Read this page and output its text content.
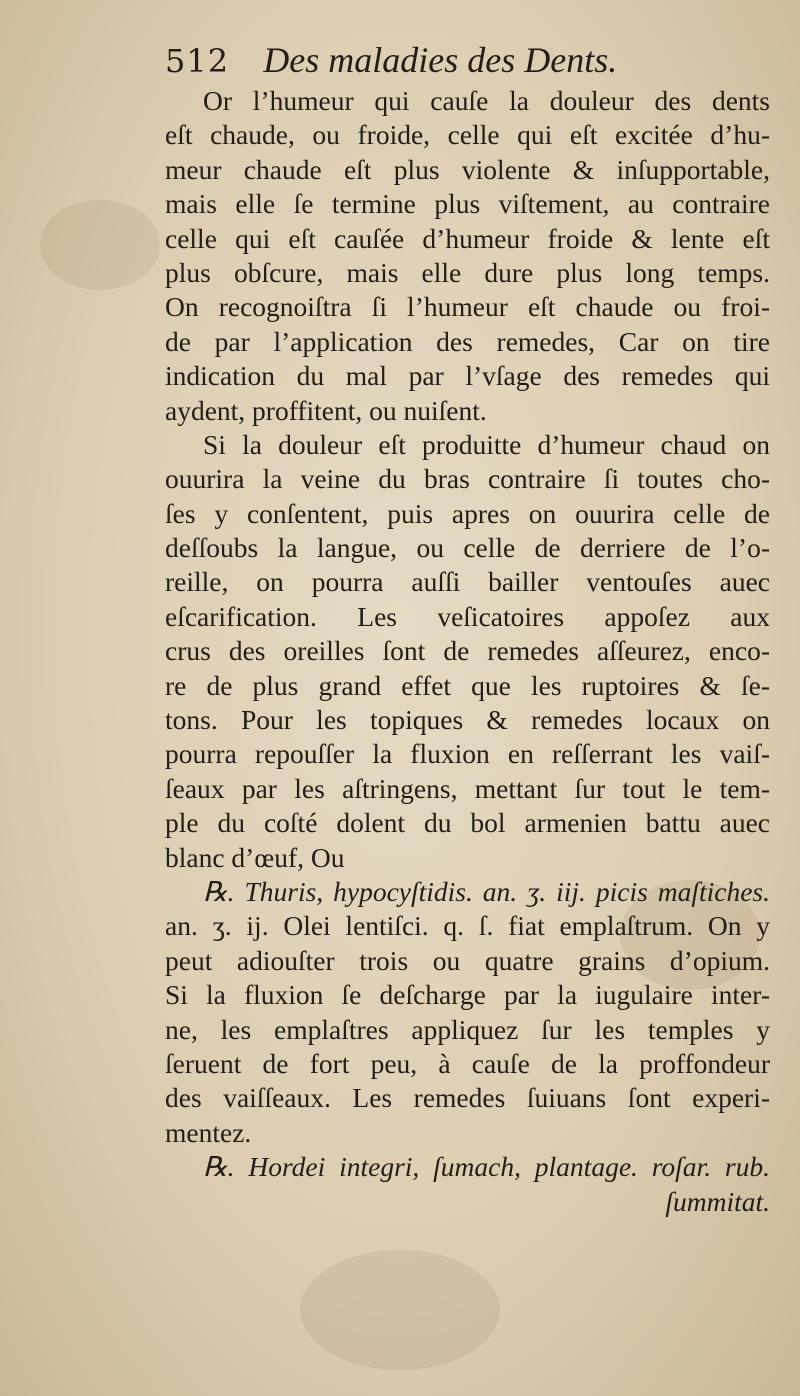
512 Des maladies des Dents.
Or l’humeur qui cauſe la douleur des dents
eſt chaude, ou froide, celle qui eſt excitée d’hu-
meur chaude eſt plus violente & inſupportable,
mais elle ſe termine plus viſtement, au contraire
celle qui eſt cauſée d’humeur froide & lente eſt
plus obſcure, mais elle dure plus long temps.
On recognoiſtra ſi l’humeur eſt chaude ou froi-
de par l’application des remedes, Car on tire
indication du mal par l’vſage des remedes qui
aydent, proffitent, ou nuiſent.
Si la douleur eſt produitte d’humeur chaud on
ouurira la veine du bras contraire ſi toutes cho-
ſes y conſentent, puis apres on ouurira celle de
deſſoubs la langue, ou celle de derriere de l’o-
reille, on pourra auſſi bailler ventouſes auec
eſcarification. Les veſicatoires appoſez aux
crus des oreilles ſont de remedes aſſeurez, enco-
re de plus grand effet que les ruptoires & ſe-
tons. Pour les topiques & remedes locaux on
pourra repouſſer la fluxion en reſſerrant les vaiſ-
ſeaux par les aſtringens, mettant ſur tout le tem-
ple du coſté dolent du bol armenien battu auec
blanc d’œuf, Ou
℞. Thuris, hypocyſtidis. an. ʒ. iij. picis maſtiches.
an. ʒ. ij. Olei lentiſci. q. ſ. fiat emplaſtrum. On y
peut adiouſter trois ou quatre grains d’opium.
Si la fluxion ſe deſcharge par la iugulaire inter-
ne, les emplaſtres appliquez ſur les temples y
ſeruent de fort peu, à cauſe de la proffondeur
des vaiſſeaux. Les remedes ſuiuans ſont experi-
mentez.
℞. Hordei integri, ſumach, plantage. roſar. rub.
ſummitat.
